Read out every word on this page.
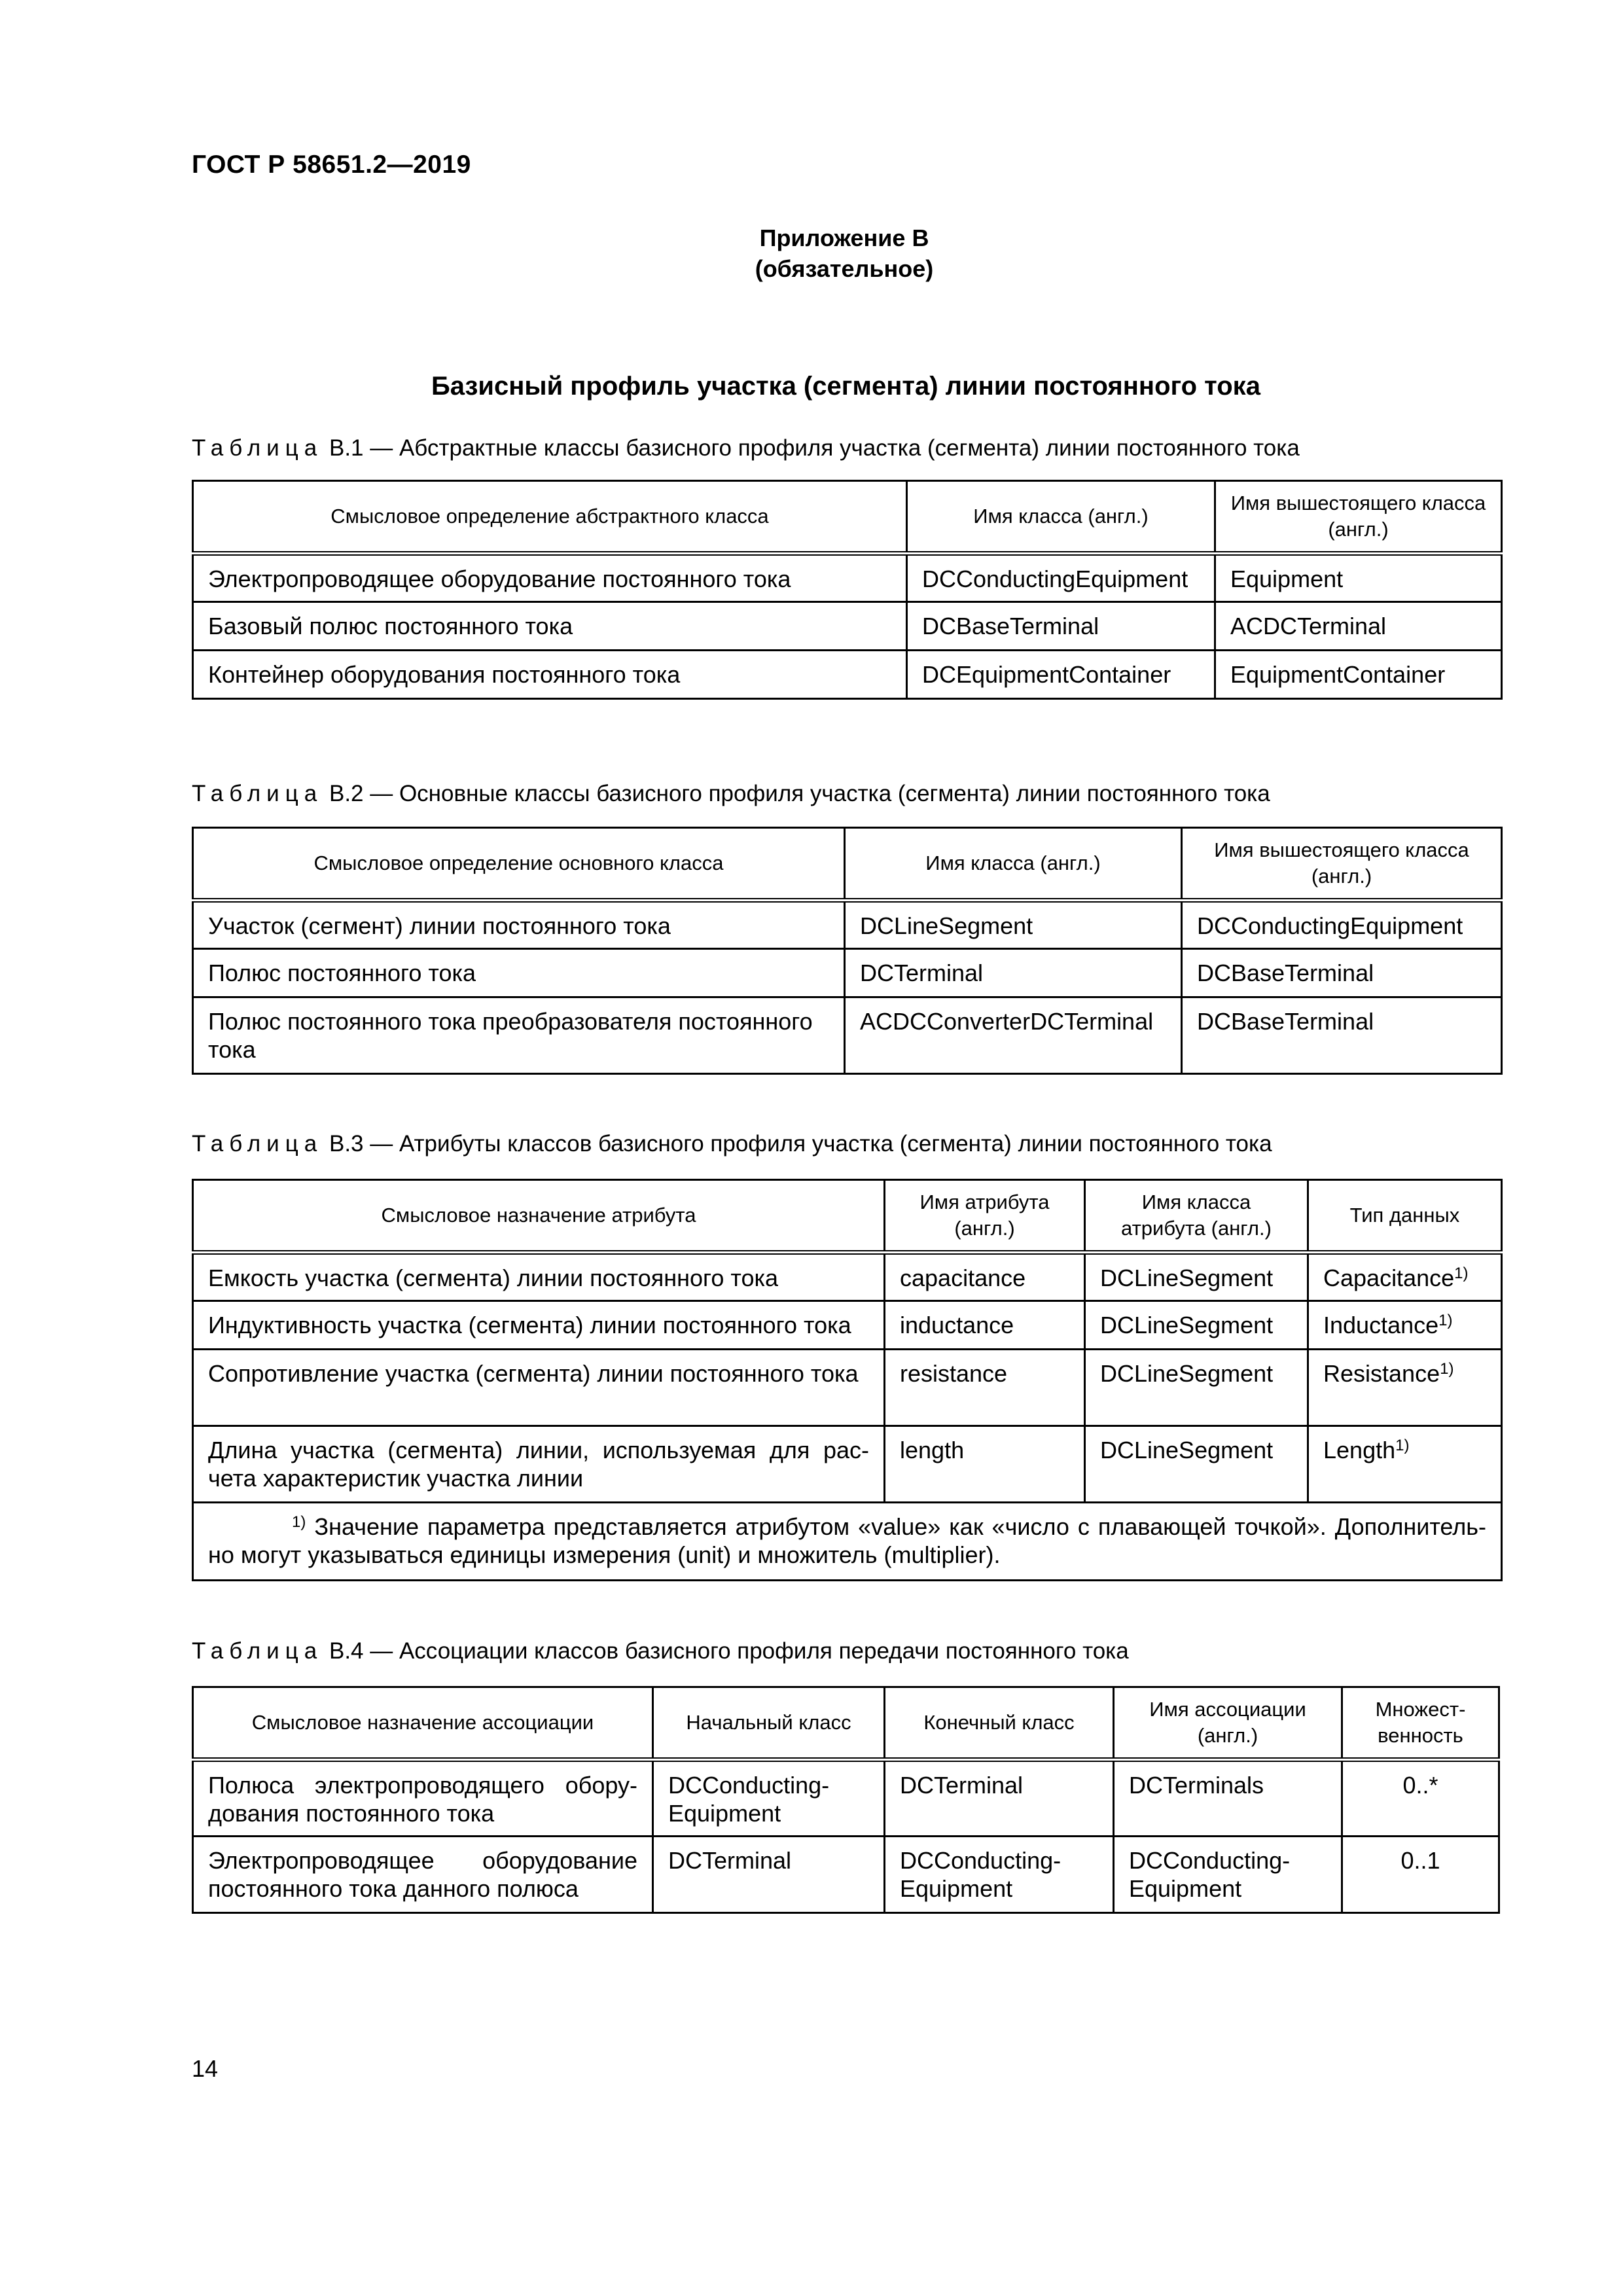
ГОСТ Р 58651.2—2019
Приложение В
(обязательное)
Базисный профиль участка (сегмента) линии постоянного тока
Таблица В.1 — Абстрактные классы базисного профиля участка (сегмента) линии постоянного тока
Смысловое определение абстрактного класса	Имя класса (англ.)	Имя вышестоящего класса (англ.)
Электропроводящее оборудование постоянного тока	DCConductingEquipment	Equipment
Базовый полюс постоянного тока	DCBaseTerminal	ACDCTerminal
Контейнер оборудования постоянного тока	DCEquipmentContainer	EquipmentContainer
Таблица В.2 — Основные классы базисного профиля участка (сегмента) линии постоянного тока
Смысловое определение основного класса	Имя класса (англ.)	Имя вышестоящего класса (англ.)
Участок (сегмент) линии постоянного тока	DCLineSegment	DCConductingEquipment
Полюс постоянного тока	DCTerminal	DCBaseTerminal
Полюс постоянного тока преобразователя постоянного тока	ACDCConverterDCTerminal	DCBaseTerminal
Таблица В.3 — Атрибуты классов базисного профиля участка (сегмента) линии постоянного тока
Смысловое назначение атрибута	Имя атрибута (англ.)	Имя класса атрибута (англ.)	Тип данных
Емкость участка (сегмента) линии постоянного тока	capacitance	DCLineSegment	Capacitance$^{1)}$
Индуктивность участка (сегмента) линии постоянного тока	inductance	DCLineSegment	Inductance$^{1)}$
Сопротивление участка (сегмента) линии постоянного тока	resistance	DCLineSegment	Resistance$^{1)}$
Длина участка (сегмента) линии, используемая для рас-чета характеристик участка линии	length	DCLineSegment	Length$^{1)}$
$^{1)}$ Значение параметра представляется атрибутом «value» как «число с плавающей точкой». Дополнитель-но могут указываться единицы измерения (unit) и множитель (multiplier).			
Таблица В.4 — Ассоциации классов базисного профиля передачи постоянного тока
Смысловое назначение ассоциации	Начальный класс	Конечный класс	Имя ассоциации (англ.)	Множест-венность
Полюса электропроводящего обору-дования постоянного тока	DCConducting-Equipment	DCTerminal	DCTerminals	0..*
Электропроводящее оборудование постоянного тока данного полюса	DCTerminal	DCConducting-Equipment	DCConducting-Equipment	0..1
14
